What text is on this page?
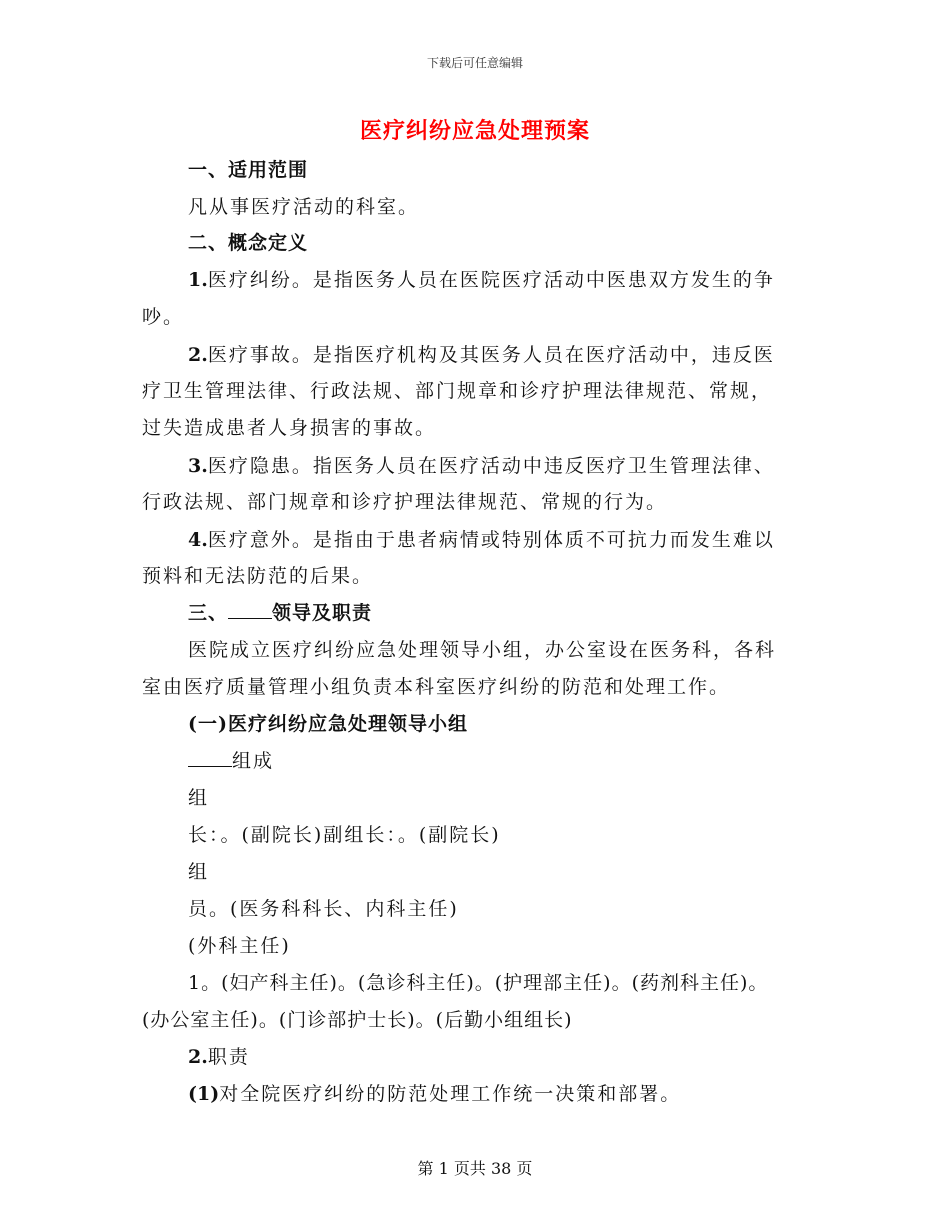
下载后可任意编辑
医疗纠纷应急处理预案
一、适用范围
凡从事医疗活动的科室。
二、概念定义
1.医疗纠纷。是指医务人员在医院医疗活动中医患双方发生的争
吵。
2.医疗事故。是指医疗机构及其医务人员在医疗活动中，违反医
疗卫生管理法律、行政法规、部门规章和诊疗护理法律规范、常规，
过失造成患者人身损害的事故。
3.医疗隐患。指医务人员在医疗活动中违反医疗卫生管理法律、
行政法规、部门规章和诊疗护理法律规范、常规的行为。
4.医疗意外。是指由于患者病情或特别体质不可抗力而发生难以
预料和无法防范的后果。
三、 领导及职责
医院成立医疗纠纷应急处理领导小组，办公室设在医务科，各科
室由医疗质量管理小组负责本科室医疗纠纷的防范和处理工作。
(一)医疗纠纷应急处理领导小组
组成
组
长：。(副院长)副组长：。(副院长)
组
员。(医务科科长、内科主任)
(外科主任)
1。(妇产科主任)。(急诊科主任)。(护理部主任)。(药剂科主任)。
(办公室主任)。(门诊部护士长)。(后勤小组组长)
2.职责
(1)对全院医疗纠纷的防范处理工作统一决策和部署。
第 1 页共 38 页
